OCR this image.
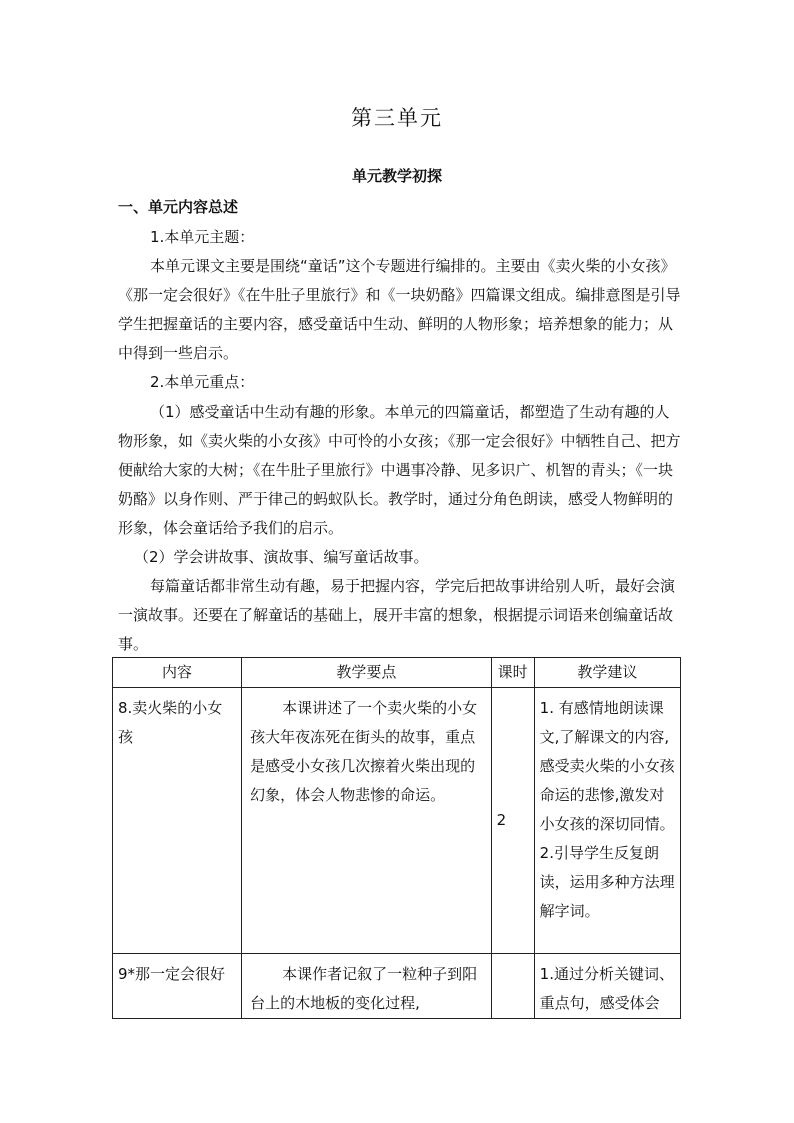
第三单元
单元教学初探
一、单元内容总述
1.本单元主题：
本单元课文主要是围绕“童话”这个专题进行编排的。主要由《卖火柴的小女孩》《那一定会很好》《在牛肚子里旅行》和《一块奶酪》四篇课文组成。编排意图是引导学生把握童话的主要内容，感受童话中生动、鲜明的人物形象；培养想象的能力；从中得到一些启示。
2.本单元重点：
（1）感受童话中生动有趣的形象。本单元的四篇童话，都塑造了生动有趣的人物形象，如《卖火柴的小女孩》中可怜的小女孩；《那一定会很好》中牺牲自己、把方便献给大家的大树；《在牛肚子里旅行》中遇事冷静、见多识广、机智的青头；《一块奶酪》以身作则、严于律己的蚂蚁队长。教学时，通过分角色朗读，感受人物鲜明的形象，体会童话给予我们的启示。
（2）学会讲故事、演故事、编写童话故事。
每篇童话都非常生动有趣，易于把握内容，学完后把故事讲给别人听，最好会演一演故事。还要在了解童话的基础上，展开丰富的想象，根据提示词语来创编童话故事。
内容	教学要点	课时	教学建议
8.卖火柴的小女孩	本课讲述了一个卖火柴的小女孩大年夜冻死在街头的故事，重点是感受小女孩几次擦着火柴出现的幻象，体会人物悲惨的命运。	2	1. 有感情地朗读课文,了解课文的内容,感受卖火柴的小女孩命运的悲惨,激发对小女孩的深切同情。

2.引导学生反复朗读，运用多种方法理解字词。

9*那一定会很好	本课作者记叙了一粒种子到阳台上的木地板的变化过程,		1.通过分析关键词、重点句，感受体会
